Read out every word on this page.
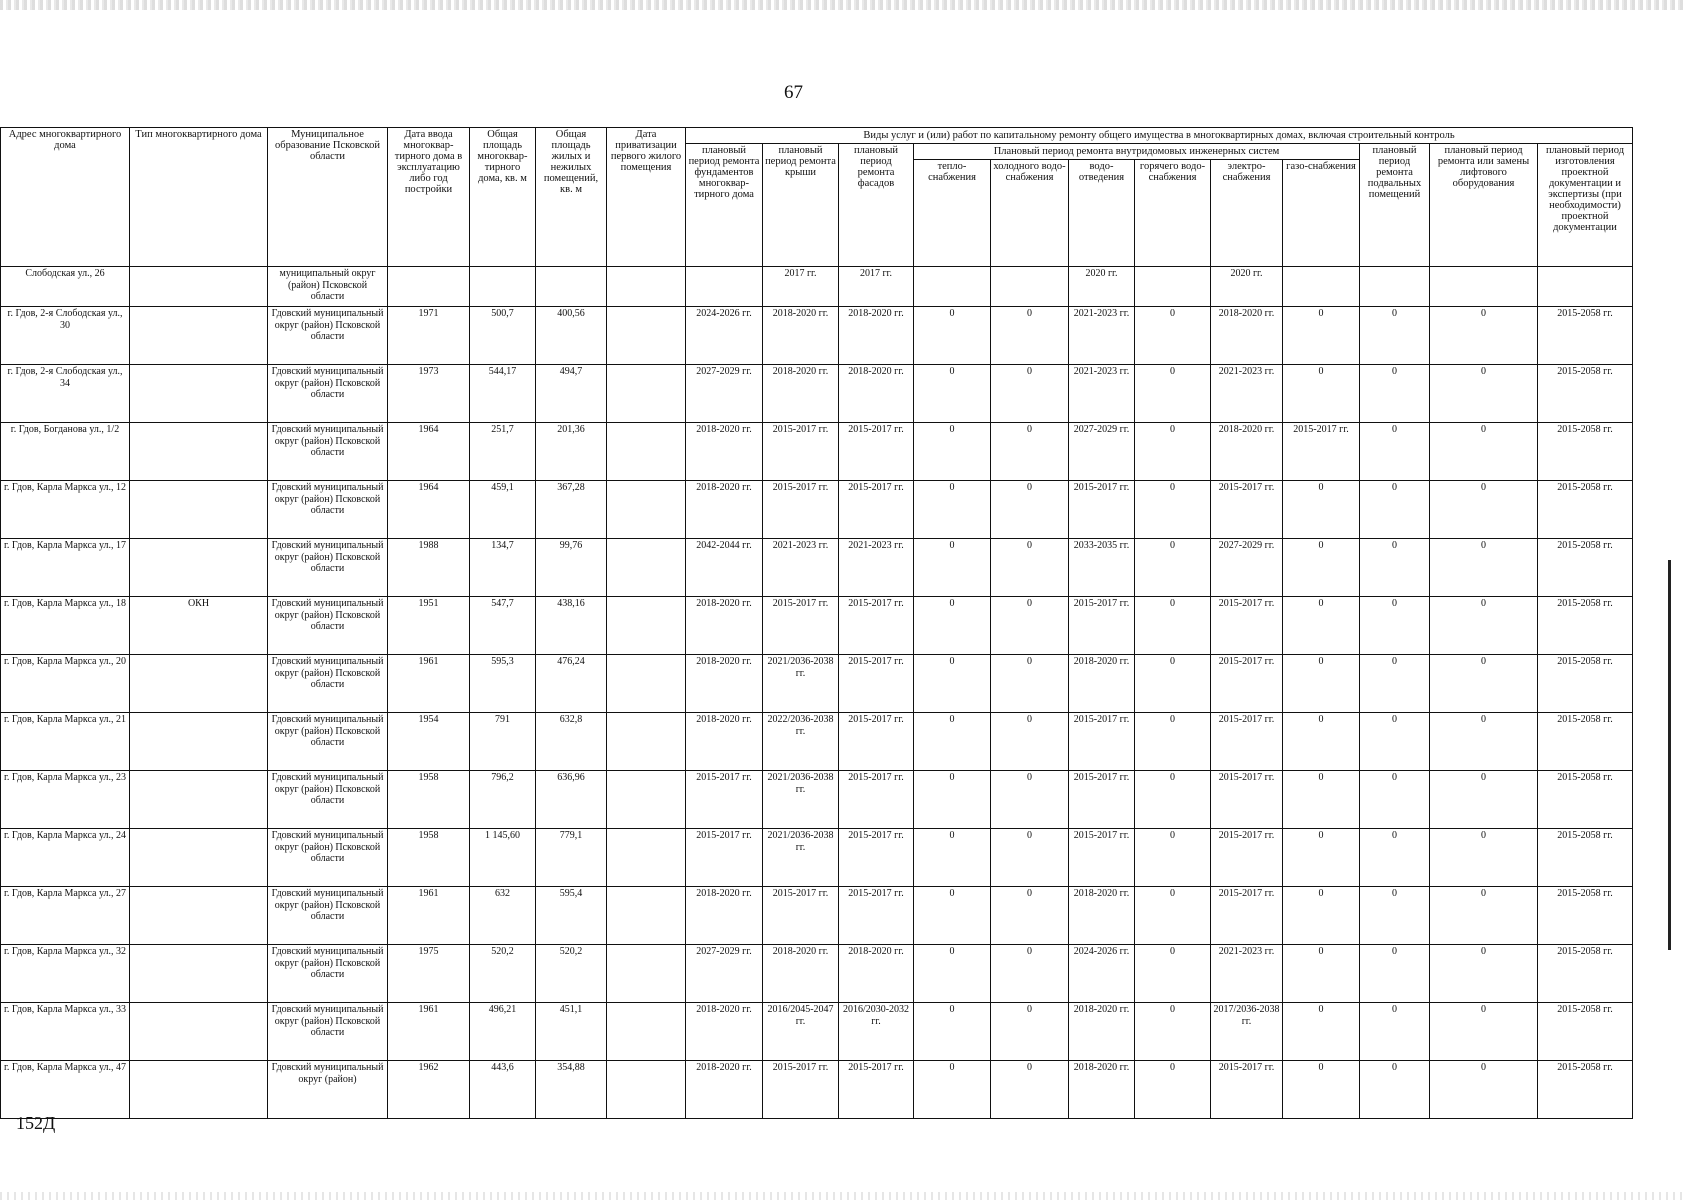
67
Адрес многоквартирного дома	Тип многоквартирного дома	Муниципальное образование Псковской области	Дата ввода многоквар-тирного дома в эксплуатацию либо год постройки	Общая площадь многоквар-тирного дома, кв. м	Общая площадь жилых и нежилых помещений, кв. м	Дата приватизации первого жилого помещения	Виды услуг и (или) работ по капитальному ремонту общего имущества в многоквартирных домах, включая строительный контроль											
							плановый период ремонта фундаментов многоквар-тирного дома	плановый период ремонта крыши	плановый период ремонта фасадов	Плановый период ремонта внутридомовых инженерных систем						плановый период ремонта подвальных помещений	плановый период ремонта или замены лифтового оборудования	плановый период изготовления проектной документации и экспертизы (при необходимости) проектной документации
										тепло-снабжения	холодного водо-снабжения	водо-отведения	горячего водо-снабжения	электро-снабжения	газо-снабжения			
Слободская ул., 26		муниципальный округ (район) Псковской области						2017 гг.	2017 гг.			2020 гг.		2020 гг.				
г. Гдов, 2-я Слободская ул., 30		Гдовский муниципальный округ (район) Псковской области	1971	500,7	400,56		2024-2026 гг.	2018-2020 гг.	2018-2020 гг.	0	0	2021-2023 гг.	0	2018-2020 гг.	0	0	0	2015-2058 гг.
г. Гдов, 2-я Слободская ул., 34		Гдовский муниципальный округ (район) Псковской области	1973	544,17	494,7		2027-2029 гг.	2018-2020 гг.	2018-2020 гг.	0	0	2021-2023 гг.	0	2021-2023 гг.	0	0	0	2015-2058 гг.
г. Гдов, Богданова ул., 1/2		Гдовский муниципальный округ (район) Псковской области	1964	251,7	201,36		2018-2020 гг.	2015-2017 гг.	2015-2017 гг.	0	0	2027-2029 гг.	0	2018-2020 гг.	2015-2017 гг.	0	0	2015-2058 гг.
г. Гдов, Карла Маркса ул., 12		Гдовский муниципальный округ (район) Псковской области	1964	459,1	367,28		2018-2020 гг.	2015-2017 гг.	2015-2017 гг.	0	0	2015-2017 гг.	0	2015-2017 гг.	0	0	0	2015-2058 гг.
г. Гдов, Карла Маркса ул., 17		Гдовский муниципальный округ (район) Псковской области	1988	134,7	99,76		2042-2044 гг.	2021-2023 гг.	2021-2023 гг.	0	0	2033-2035 гг.	0	2027-2029 гг.	0	0	0	2015-2058 гг.
г. Гдов, Карла Маркса ул., 18	ОКН	Гдовский муниципальный округ (район) Псковской области	1951	547,7	438,16		2018-2020 гг.	2015-2017 гг.	2015-2017 гг.	0	0	2015-2017 гг.	0	2015-2017 гг.	0	0	0	2015-2058 гг.
г. Гдов, Карла Маркса ул., 20		Гдовский муниципальный округ (район) Псковской области	1961	595,3	476,24		2018-2020 гг.	2021/2036-2038 гг.	2015-2017 гг.	0	0	2018-2020 гг.	0	2015-2017 гг.	0	0	0	2015-2058 гг.
г. Гдов, Карла Маркса ул., 21		Гдовский муниципальный округ (район) Псковской области	1954	791	632,8		2018-2020 гг.	2022/2036-2038 гг.	2015-2017 гг.	0	0	2015-2017 гг.	0	2015-2017 гг.	0	0	0	2015-2058 гг.
г. Гдов, Карла Маркса ул., 23		Гдовский муниципальный округ (район) Псковской области	1958	796,2	636,96		2015-2017 гг.	2021/2036-2038 гг.	2015-2017 гг.	0	0	2015-2017 гг.	0	2015-2017 гг.	0	0	0	2015-2058 гг.
г. Гдов, Карла Маркса ул., 24		Гдовский муниципальный округ (район) Псковской области	1958	1 145,60	779,1		2015-2017 гг.	2021/2036-2038 гг.	2015-2017 гг.	0	0	2015-2017 гг.	0	2015-2017 гг.	0	0	0	2015-2058 гг.
г. Гдов, Карла Маркса ул., 27		Гдовский муниципальный округ (район) Псковской области	1961	632	595,4		2018-2020 гг.	2015-2017 гг.	2015-2017 гг.	0	0	2018-2020 гг.	0	2015-2017 гг.	0	0	0	2015-2058 гг.
г. Гдов, Карла Маркса ул., 32		Гдовский муниципальный округ (район) Псковской области	1975	520,2	520,2		2027-2029 гг.	2018-2020 гг.	2018-2020 гг.	0	0	2024-2026 гг.	0	2021-2023 гг.	0	0	0	2015-2058 гг.
г. Гдов, Карла Маркса ул., 33		Гдовский муниципальный округ (район) Псковской области	1961	496,21	451,1		2018-2020 гг.	2016/2045-2047 гг.	2016/2030-2032 гг.	0	0	2018-2020 гг.	0	2017/2036-2038 гг.	0	0	0	2015-2058 гг.
г. Гдов, Карла Маркса ул., 47		Гдовский муниципальный округ (район)	1962	443,6	354,88		2018-2020 гг.	2015-2017 гг.	2015-2017 гг.	0	0	2018-2020 гг.	0	2015-2017 гг.	0	0	0	2015-2058 гг.
152Д
